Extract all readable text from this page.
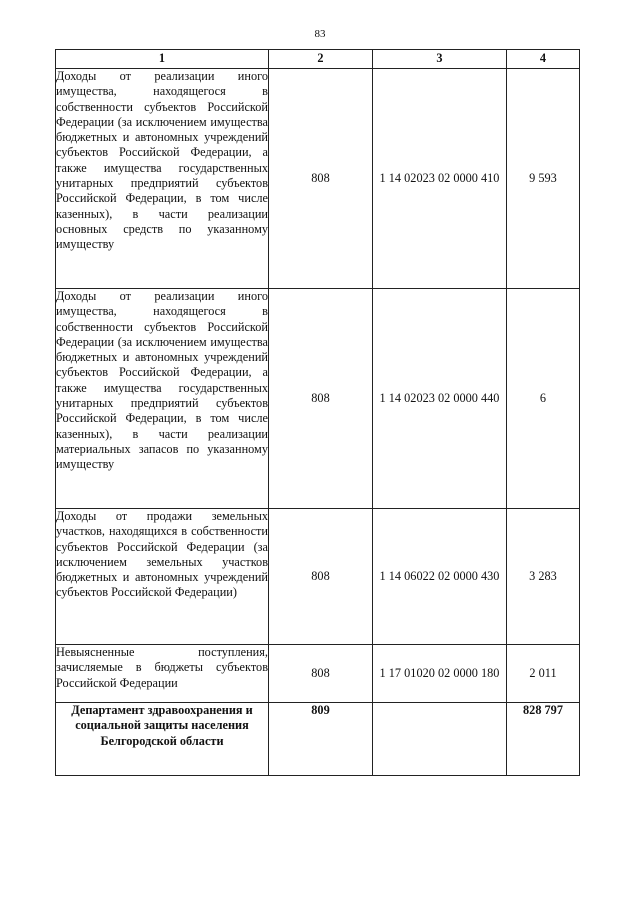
83
1	2	3	4
Доходы от реализации иного имущества, находящегося в собственности субъектов Российской Федерации (за исключением имущества бюджетных и автономных учреждений субъектов Российской Федерации, а также имущества государственных унитарных предприятий субъектов Российской Федерации, в том числе казенных), в части реализации основных средств по указанному имуществу	808	1 14 02023 02 0000 410	9 593
Доходы от реализации иного имущества, находящегося в собственности субъектов Российской Федерации (за исключением имущества бюджетных и автономных учреждений субъектов Российской Федерации, а также имущества государственных унитарных предприятий субъектов Российской Федерации, в том числе казенных), в части реализации материальных запасов по указанному имуществу	808	1 14 02023 02 0000 440	6
Доходы от продажи земельных участков, находящихся в собственности субъектов Российской Федерации (за исключением земельных участков бюджетных и автономных учреждений субъектов Российской Федерации)	808	1 14 06022 02 0000 430	3 283
Невыясненные поступления, зачисляемые в бюджеты субъектов Российской Федерации	808	1 17 01020 02 0000 180	2 011
Департамент здравоохранения и социальной защиты населения Белгородской области	809		828 797
